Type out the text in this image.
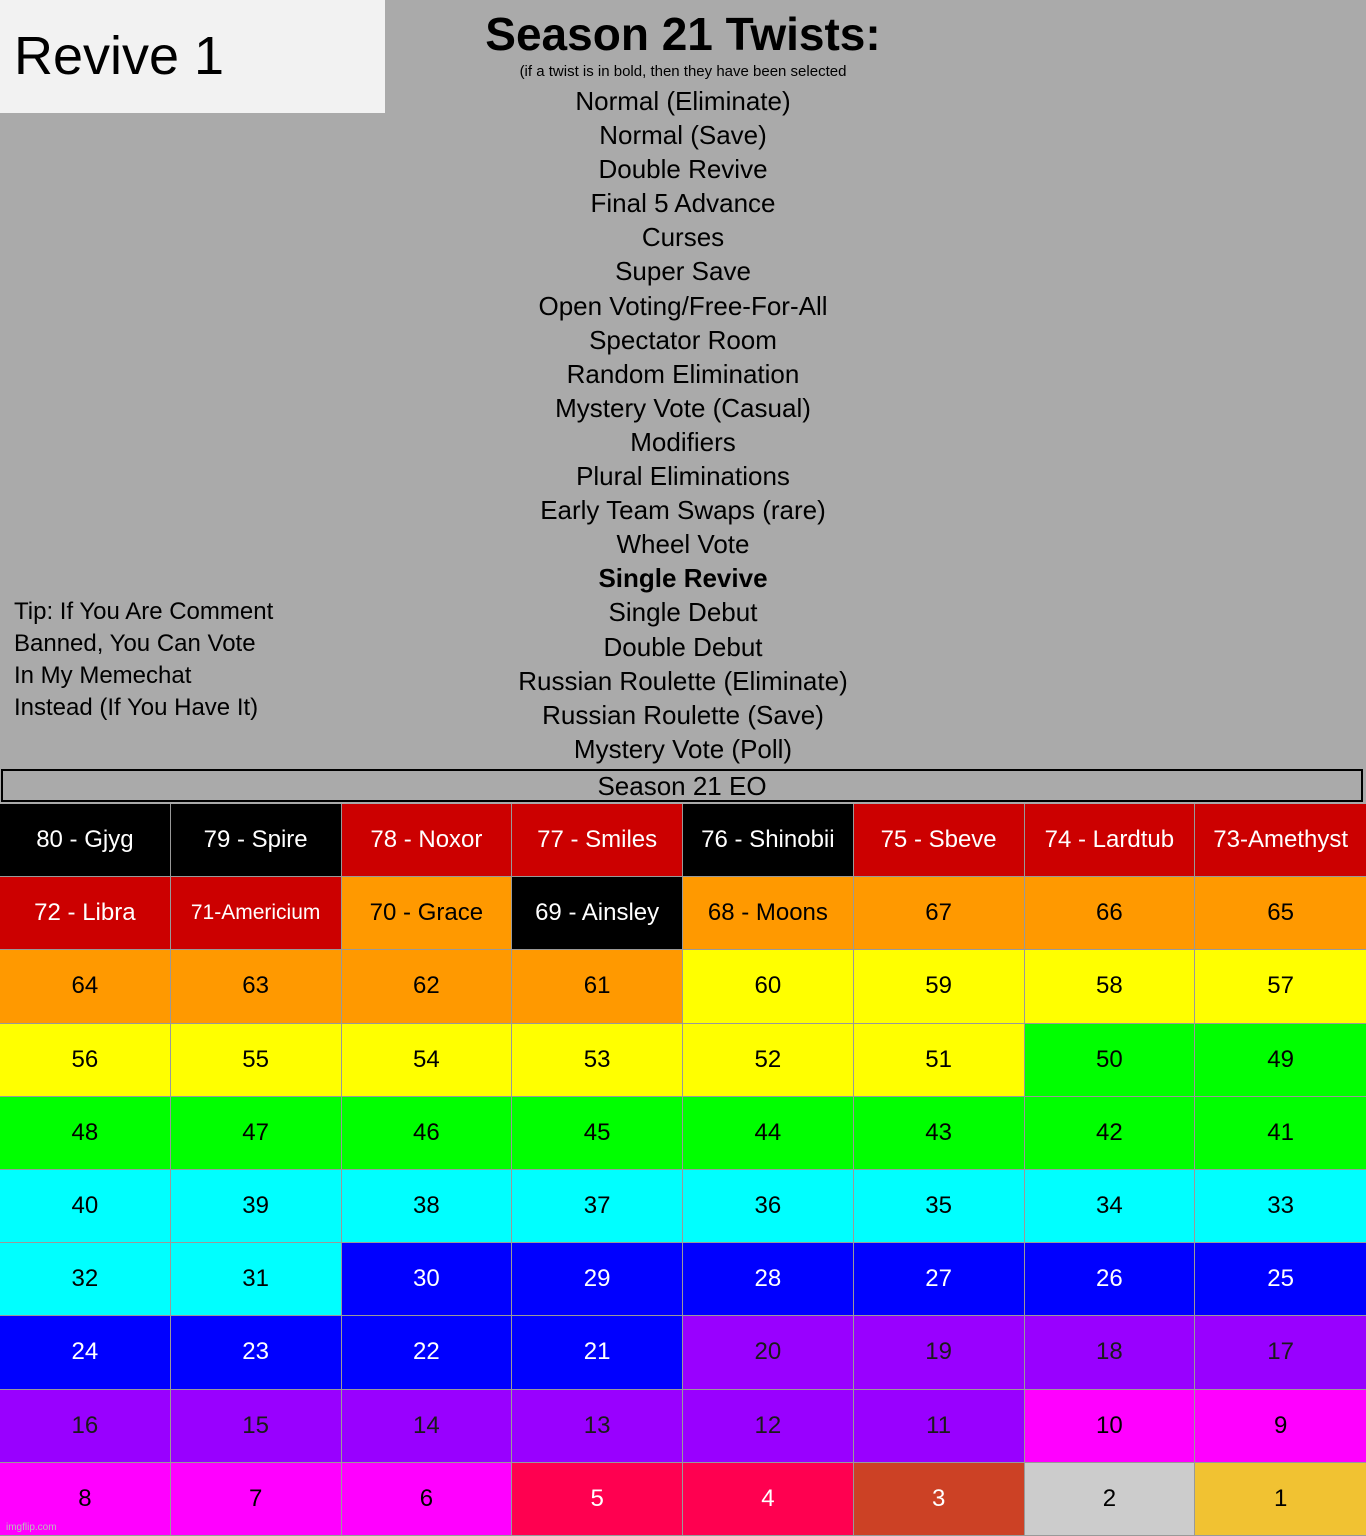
Revive 1	Season 21 Twists:
(if a twist is in bold, then they have been selected
Normal (Eliminate)
Normal (Save)
Double Revive
Final 5 Advance
Curses
Super Save
Open Voting/Free-For-All
Spectator Room
Random Elimination
Mystery Vote (Casual)
Modifiers
Plural Eliminations
Early Team Swaps (rare)
Wheel Vote
Single Revive
Single Debut
Double Debut
Russian Roulette (Eliminate)
Russian Roulette (Save)
Mystery Vote (Poll)
Tip: If You Are Comment Banned, You Can Vote In My Memechat Instead (If You Have It)
Season 21 EO
80 - Gjyg	79 - Spire	78 - Noxor	77 - Smiles	76 - Shinobii	75 - Sbeve	74 - Lardtub	73-Amethyst
72 - Libra	71-Americium	70 - Grace	69 - Ainsley	68 - Moons	67	66	65
64	63	62	61	60	59	58	57
56	55	54	53	52	51	50	49
48	47	46	45	44	43	42	41
40	39	38	37	36	35	34	33
32	31	30	29	28	27	26	25
24	23	22	21	20	19	18	17
16	15	14	13	12	11	10	9
8	7	6	5	4	3	2	1
imgflip.com
